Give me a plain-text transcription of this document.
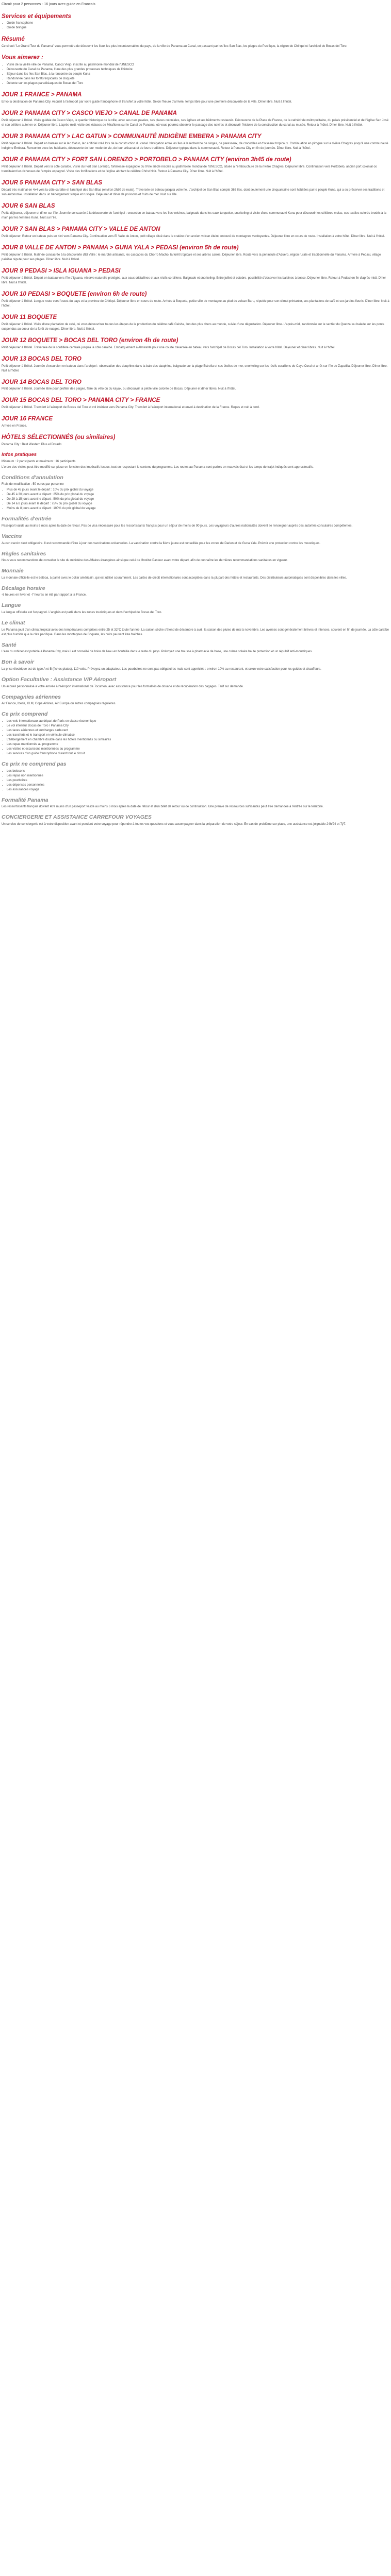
Circuit pour 2 personnes - 16 jours avec guide en Francais

Services et équipements
• Guide francophone
• Guide bilingue
Résumé

Ce circuit "Le Grand Tour du Panama" vous permettra de découvrir les lieux les plus incontournables du pays, de la ville de Panama au Canal, en passant par les îles San Blas, les plages du Pacifique, la région de Chiriqui et l'archipel de Bocas del Toro.

Vous aimerez :
• Visite de la vieille ville de Panama, Casco Viejo, inscrite au patrimoine mondial de l'UNESCO
• Découverte du Canal de Panama, l'une des plus grandes prouesses techniques de l'histoire
• Séjour dans les îles San Blas, à la rencontre du peuple Kuna
• Randonnée dans les forêts tropicales de Boquete
• Détente sur les plages paradisiaques de Bocas del Toro
JOUR 1 FRANCE > PANAMA

Envol à destination de Panama City. Accueil à l'aéroport par votre guide francophone et transfert à votre hôtel. Selon l'heure d'arrivée, temps libre pour une première découverte de la ville. Dîner libre. Nuit à l'hôtel.

JOUR 2 PANAMA CITY > CASCO VIEJO > CANAL DE PANAMA

Petit déjeuner à l'hôtel. Visite guidée du Casco Viejo, le quartier historique de la ville, avec ses rues pavées, ses places coloniales, ses églises et ses bâtiments restaurés. Découverte de la Place de France, de la cathédrale métropolitaine, du palais présidentiel et de l'église San José et son célèbre autel en or. Déjeuner libre. L'après-midi, visite des écluses de Miraflores sur le Canal de Panama, où vous pourrez observer le passage des navires et découvrir l'histoire de la construction du canal au musée. Retour à l'hôtel. Dîner libre. Nuit à l'hôtel.

JOUR 3 PANAMA CITY > LAC GATUN > COMMUNAUTÉ INDIGÈNE EMBERA > PANAMA CITY

Petit déjeuner à l'hôtel. Départ en bateau sur le lac Gatun, lac artificiel créé lors de la construction du canal. Navigation entre les îles à la recherche de singes, de paresseux, de crocodiles et d'oiseaux tropicaux. Continuation en pirogue sur la rivière Chagres jusqu'à une communauté indigène Embera. Rencontre avec les habitants, découverte de leur mode de vie, de leur artisanat et de leurs traditions. Déjeuner typique dans la communauté. Retour à Panama City en fin de journée. Dîner libre. Nuit à l'hôtel.

JOUR 4 PANAMA CITY > FORT SAN LORENZO > PORTOBELO > PANAMA CITY (environ 3h45 de route)

Petit déjeuner à l'hôtel. Départ vers la côte caraïbe. Visite du Fort San Lorenzo, forteresse espagnole du XVIe siècle inscrite au patrimoine mondial de l'UNESCO, située à l'embouchure de la rivière Chagres. Déjeuner libre. Continuation vers Portobelo, ancien port colonial où transitaient les richesses de l'empire espagnol. Visite des fortifications et de l'église abritant le célèbre Christ Noir. Retour à Panama City. Dîner libre. Nuit à l'hôtel.

JOUR 5 PANAMA CITY > SAN BLAS

Départ très matinal en 4x4 vers la côte caraïbe et l'archipel des San Blas (environ 2h30 de route). Traversée en bateau jusqu'à votre île. L'archipel de San Blas compte 365 îles, dont seulement une cinquantaine sont habitées par le peuple Kuna, qui a su préserver ses traditions et son autonomie. Installation dans un hébergement simple et rustique. Déjeuner et dîner de poissons et fruits de mer. Nuit sur l'île.

JOUR 6 SAN BLAS

Petits déjeuner, déjeuner et dîner sur l'île. Journée consacrée à la découverte de l'archipel : excursion en bateau vers les îles voisines, baignade dans les eaux turquoise, snorkeling et visite d'une communauté Kuna pour découvrir les célèbres molas, ces textiles colorés brodés à la main par les femmes Kuna. Nuit sur l'île.

JOUR 7 SAN BLAS > PANAMA CITY > VALLE DE ANTON

Petit déjeuner. Retour en bateau puis en 4x4 vers Panama City. Continuation vers El Valle de Anton, petit village situé dans le cratère d'un ancien volcan éteint, entouré de montagnes verdoyantes. Déjeuner libre en cours de route. Installation à votre hôtel. Dîner libre. Nuit à l'hôtel.

JOUR 8 VALLE DE ANTON > PANAMA > GUNA YALA > PEDASI (environ 5h de route)

Petit déjeuner à l'hôtel. Matinée consacrée à la découverte d'El Valle : le marché artisanal, les cascades du Chorro Macho, la forêt tropicale et ses arbres carrés. Déjeuner libre. Route vers la péninsule d'Azuero, région rurale et traditionnelle du Panama. Arrivée à Pedasi, village paisible réputé pour ses plages. Dîner libre. Nuit à l'hôtel.

JOUR 9 PEDASI > ISLA IGUANA > PEDASI

Petit déjeuner à l'hôtel. Départ en bateau vers l'île d'Iguana, réserve naturelle protégée, aux eaux cristallines et aux récifs coralliens. Baignade et snorkeling. Entre juillet et octobre, possibilité d'observer les baleines à bosse. Déjeuner libre. Retour à Pedasi en fin d'après-midi. Dîner libre. Nuit à l'hôtel.

JOUR 10 PEDASI > BOQUETE (environ 6h de route)

Petit déjeuner à l'hôtel. Longue route vers l'ouest du pays et la province de Chiriqui. Déjeuner libre en cours de route. Arrivée à Boquete, petite ville de montagne au pied du volcan Baru, réputée pour son climat printanier, ses plantations de café et ses jardins fleuris. Dîner libre. Nuit à l'hôtel.

JOUR 11 BOQUETE

Petit déjeuner à l'hôtel. Visite d'une plantation de café, où vous découvrirez toutes les étapes de la production du célèbre café Geisha, l'un des plus chers au monde, suivie d'une dégustation. Déjeuner libre. L'après-midi, randonnée sur le sentier du Quetzal ou balade sur les ponts suspendus au coeur de la forêt de nuages. Dîner libre. Nuit à l'hôtel.

JOUR 12 BOQUETE > BOCAS DEL TORO (environ 4h de route)

Petit déjeuner à l'hôtel. Traversée de la cordillère centrale jusqu'à la côte caraïbe. Embarquement à Almirante pour une courte traversée en bateau vers l'archipel de Bocas del Toro. Installation à votre hôtel. Déjeuner et dîner libres. Nuit à l'hôtel.

JOUR 13 BOCAS DEL TORO

Petit déjeuner à l'hôtel. Journée d'excursion en bateau dans l'archipel : observation des dauphins dans la baie des dauphins, baignade sur la plage Estrella et ses étoiles de mer, snorkeling sur les récifs coralliens de Cayo Coral et arrêt sur l'île de Zapatilla. Déjeuner libre. Dîner libre. Nuit à l'hôtel.

JOUR 14 BOCAS DEL TORO

Petit déjeuner à l'hôtel. Journée libre pour profiter des plages, faire du vélo ou du kayak, ou découvrir la petite ville colorée de Bocas. Déjeuner et dîner libres. Nuit à l'hôtel.

JOUR 15 BOCAS DEL TORO > PANAMA CITY > FRANCE

Petit déjeuner à l'hôtel. Transfert à l'aéroport de Bocas del Toro et vol intérieur vers Panama City. Transfert à l'aéroport international et envol à destination de la France. Repas et nuit à bord.

JOUR 16 FRANCE

Arrivée en France.

HÔTELS SÉLECTIONNÉS (ou similaires)

Panama City : Best Western Plus el Dorado

Infos pratiques

Minimum : 2 participants et maximum : 16 participants

L'ordre des visites peut être modifié sur place en fonction des impératifs locaux, tout en respectant le contenu du programme. Les routes au Panama sont parfois en mauvais état et les temps de trajet indiqués sont approximatifs.

Conditions d'annulation

Frais de modification : 50 euros par personne

• Plus de 45 jours avant le départ : 10% du prix global du voyage
• De 45 à 30 jours avant le départ : 25% du prix global du voyage
• De 29 à 15 jours avant le départ : 50% du prix global du voyage
• De 14 à 8 jours avant le départ : 75% du prix global du voyage
• Moins de 8 jours avant le départ : 100% du prix global du voyage
Formalités d'entrée

Passeport valide au moins 6 mois après la date de retour. Pas de visa nécessaire pour les ressortissants français pour un séjour de moins de 90 jours. Les voyageurs d'autres nationalités doivent se renseigner auprès des autorités consulaires compétentes.

Vaccins

Aucun vaccin n'est obligatoire. Il est recommandé d'être à jour des vaccinations universelles. La vaccination contre la fièvre jaune est conseillée pour les zones de Darien et de Guna Yala. Prévoir une protection contre les moustiques.

Règles sanitaires

Nous vous recommandons de consulter le site du ministère des Affaires étrangères ainsi que celui de l'Institut Pasteur avant votre départ, afin de connaître les dernières recommandations sanitaires en vigueur.

Monnaie

La monnaie officielle est le balboa, à parité avec le dollar américain, qui est utilisé couramment. Les cartes de crédit internationales sont acceptées dans la plupart des hôtels et restaurants. Des distributeurs automatiques sont disponibles dans les villes.

Décalage horaire

-6 heures en hiver et -7 heures en été par rapport à la France.

Langue

La langue officielle est l'espagnol. L'anglais est parlé dans les zones touristiques et dans l'archipel de Bocas del Toro.

Le climat

Le Panama jouit d'un climat tropical avec des températures comprises entre 25 et 32°C toute l'année. La saison sèche s'étend de décembre à avril, la saison des pluies de mai à novembre. Les averses sont généralement brèves et intenses, souvent en fin de journée. La côte caraïbe est plus humide que la côte pacifique. Dans les montagnes de Boquete, les nuits peuvent être fraîches.

Santé

L'eau du robinet est potable à Panama City, mais il est conseillé de boire de l'eau en bouteille dans le reste du pays. Prévoyez une trousse à pharmacie de base, une crème solaire haute protection et un répulsif anti-moustiques.

Bon à savoir

La prise électrique est de type A et B (fiches plates), 110 volts. Prévoyez un adaptateur. Les pourboires ne sont pas obligatoires mais sont appréciés : environ 10% au restaurant, et selon votre satisfaction pour les guides et chauffeurs.

Option Facultative : Assistance VIP Aéroport

Un accueil personnalisé à votre arrivée à l'aéroport international de Tocumen, avec assistance pour les formalités de douane et de récupération des bagages. Tarif sur demande.

Compagnies aériennes

Air France, Iberia, KLM, Copa Airlines, Air Europa ou autres compagnies régulières.

Ce prix comprend
• Les vols internationaux au départ de Paris en classe économique
• Le vol intérieur Bocas del Toro / Panama City
• Les taxes aériennes et surcharges carburant
• Les transferts et le transport en véhicule climatisé
• L'hébergement en chambre double dans les hôtels mentionnés ou similaires
• Les repas mentionnés au programme
• Les visites et excursions mentionnées au programme
• Les services d'un guide francophone durant tout le circuit
Ce prix ne comprend pas
• Les boissons
• Les repas non mentionnés
• Les pourboires
• Les dépenses personnelles
• Les assurances voyage
Formalité Panama

Les ressortissants français doivent être munis d'un passeport valide au moins 6 mois après la date de retour et d'un billet de retour ou de continuation. Une preuve de ressources suffisantes peut être demandée à l'entrée sur le territoire.

CONCIERGERIE ET ASSISTANCE CARREFOUR VOYAGES

Un service de conciergerie est à votre disposition avant et pendant votre voyage pour répondre à toutes vos questions et vous accompagner dans la préparation de votre séjour. En cas de problème sur place, une assistance est joignable 24h/24 et 7j/7.
